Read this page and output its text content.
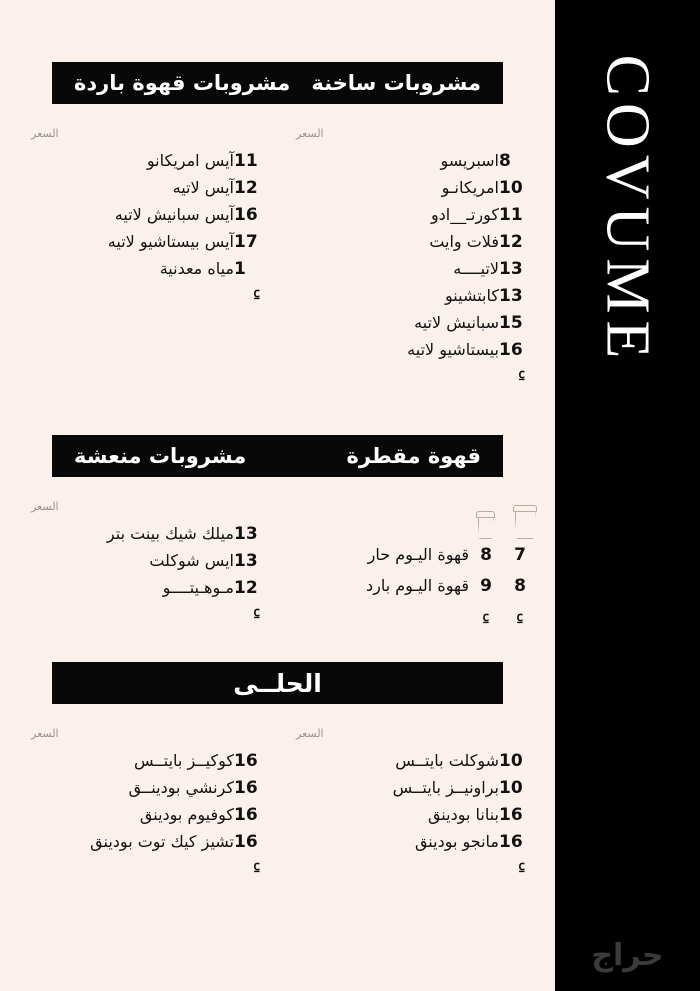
مشروبات ساخنة
مشروبات قهوة باردة
السعر
اسبريسو 8
امريكانـو 10
كورتـ__ادو 11
فلات وايت 12
لاتيــــه 13
كابتشينو 13
سبانيش لاتيه 15
بيستاشيو لاتيه 16
⃀
السعر
آيس امريكانو 11
آيس لاتيه 12
آيس سبانيش لاتيه 16
آيس بيستاشيو لاتيه 17
مياه معدنية 1
⃀
قهوة مقطرة
مشروبات منعشة
قهوة اليـوم حار 8	7
قهوة اليـوم بارد 9	8
⃀	⃀
السعر
ميلك شيك بينت بتر 13
ايس شوكلت 13
مـوهـيتــــو 12
⃀
الحلــى
السعر
شوكلت بايتــس 10
براونيــز بايتــس 10
بنانا بودينق 16
مانجو بودينق 16
⃀
السعر
كوكيــز بايتــس 16
كرنشي بودينــق 16
كوفيوم بودينق 16
تشيز كيك توت بودينق 16
⃀
COVUME
حراج
